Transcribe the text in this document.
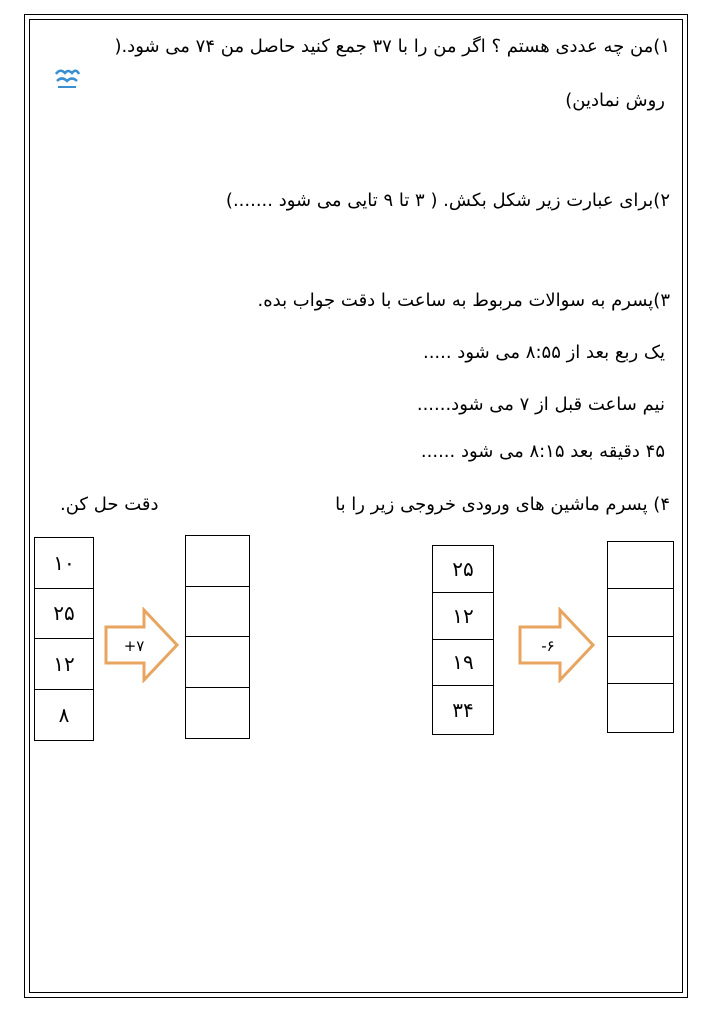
۱)من چه عددی هستم ؟ اگر من را با ۳۷ جمع کنید حاصل من ۷۴ می شود.(
روش نمادین)
۲)برای عبارت زیر شکل بکش. ( ۳ تا ۹ تایی می شود .......)
۳)پسرم به سوالات مربوط به ساعت با دقت جواب بده.
یک ربع بعد از ۸:۵۵ می شود .....
نیم ساعت قبل از ۷ می شود......
۴۵ دقیقه بعد ۸:۱۵ می شود ......
۴) پسرم ماشین های ورودی خروجی زیر را با
دقت حل کن.
۱۰
۲۵
۱۲
۸
+۷
۲۵
۱۲
۱۹
۳۴
-۶
